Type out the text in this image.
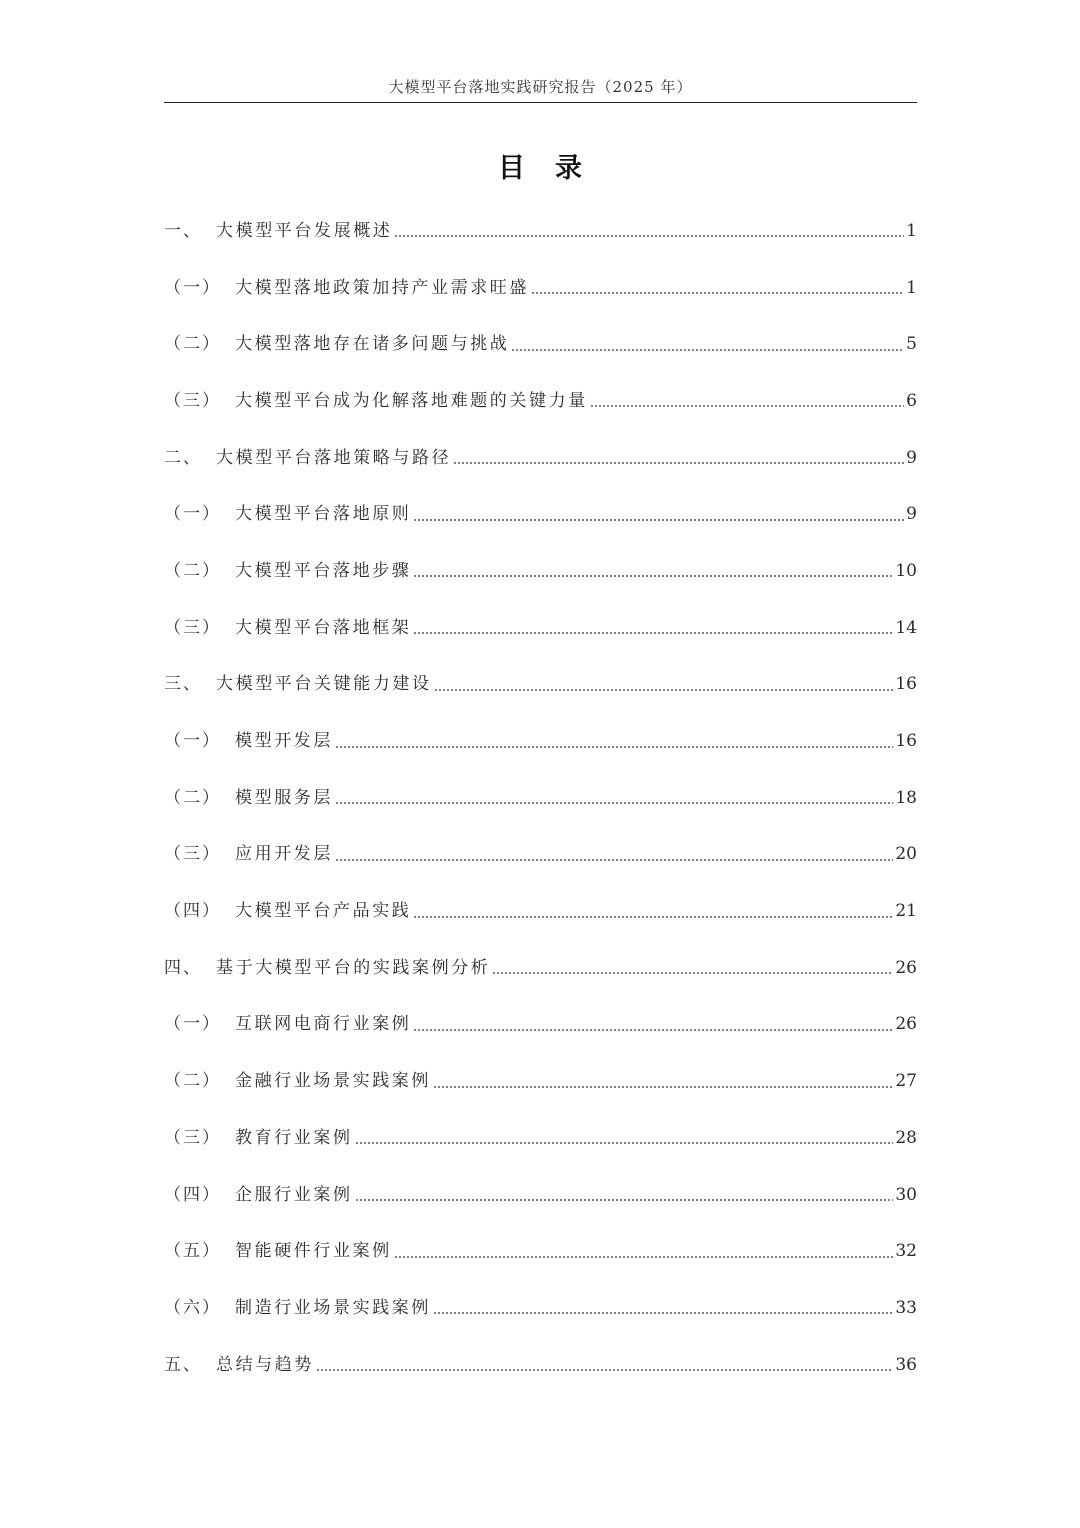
大模型平台落地实践研究报告（2025 年）
目 录
一、 大模型平台发展概述	1
（一） 大模型落地政策加持产业需求旺盛	1
（二） 大模型落地存在诸多问题与挑战	5
（三） 大模型平台成为化解落地难题的关键力量	6
二、 大模型平台落地策略与路径	9
（一） 大模型平台落地原则	9
（二） 大模型平台落地步骤	10
（三） 大模型平台落地框架	14
三、 大模型平台关键能力建设	16
（一） 模型开发层	16
（二） 模型服务层	18
（三） 应用开发层	20
（四） 大模型平台产品实践	21
四、 基于大模型平台的实践案例分析	26
（一） 互联网电商行业案例	26
（二） 金融行业场景实践案例	27
（三） 教育行业案例	28
（四） 企服行业案例	30
（五） 智能硬件行业案例	32
（六） 制造行业场景实践案例	33
五、 总结与趋势	36
